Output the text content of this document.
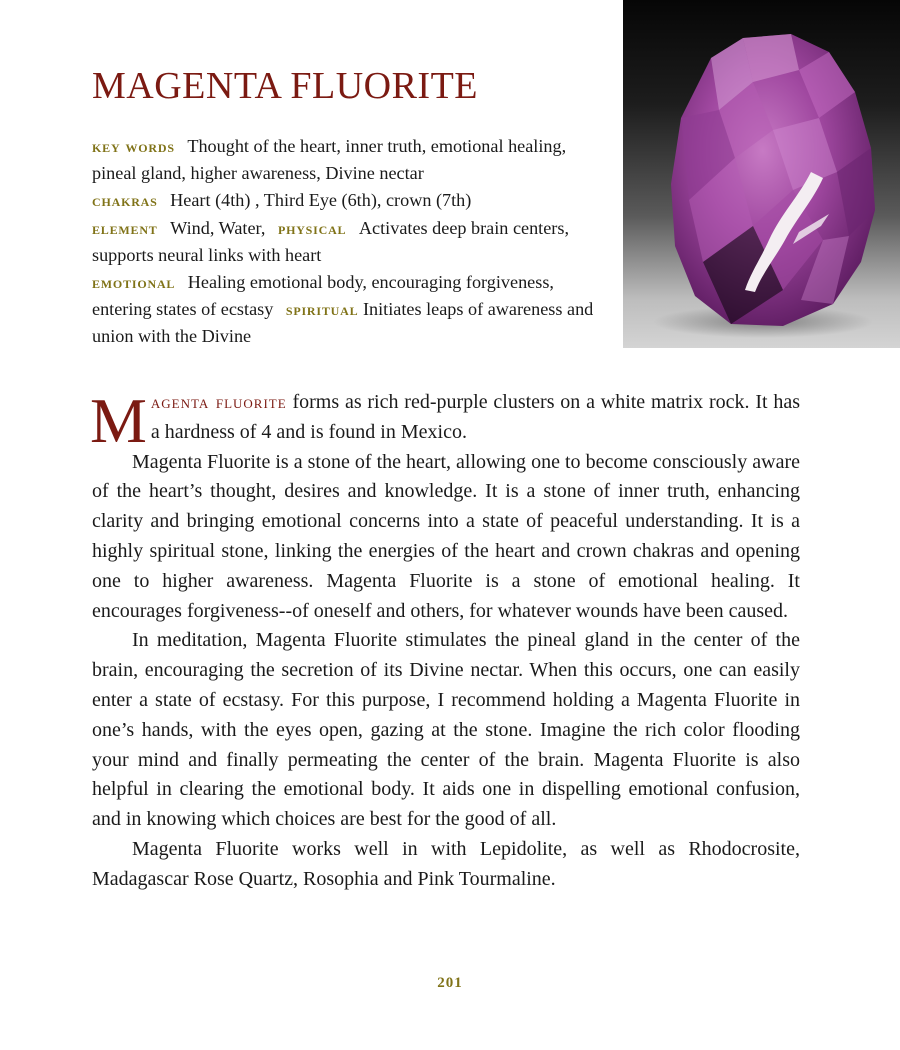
MAGENTA FLUORITE

key words Thought of the heart, inner truth, emotional healing, pineal gland, higher awareness, Divine nectar
chakras Heart (4th) , Third Eye (6th), crown (7th)
element Wind, Water, physical Activates deep brain centers, supports neural links with heart
emotional Healing emotional body, encouraging forgiveness, entering states of ecstasy spiritual Initiates leaps of awareness and union with the Divine

Magenta fluorite forms as rich red-purple clusters on a white matrix rock. It has a hardness of 4 and is found in Mexico.

Magenta Fluorite is a stone of the heart, allowing one to become consciously aware of the heart’s thought, desires and knowledge. It is a stone of inner truth, enhancing clarity and bringing emotional concerns into a state of peaceful understanding. It is a highly spiritual stone, linking the energies of the heart and crown chakras and opening one to higher awareness. Magenta Fluorite is a stone of emotional healing. It encourages forgiveness--of oneself and others, for whatever wounds have been caused.

In meditation, Magenta Fluorite stimulates the pineal gland in the center of the brain, encouraging the secretion of its Divine nectar. When this occurs, one can easily enter a state of ecstasy. For this purpose, I recommend holding a Magenta Fluorite in one’s hands, with the eyes open, gazing at the stone. Imagine the rich color flooding your mind and finally permeating the center of the brain. Magenta Fluorite is also helpful in clearing the emotional body. It aids one in dispelling emotional confusion, and in knowing which choices are best for the good of all.

Magenta Fluorite works well in with Lepidolite, as well as Rhodocrosite, Madagascar Rose Quartz, Rosophia and Pink Tourmaline.

201
